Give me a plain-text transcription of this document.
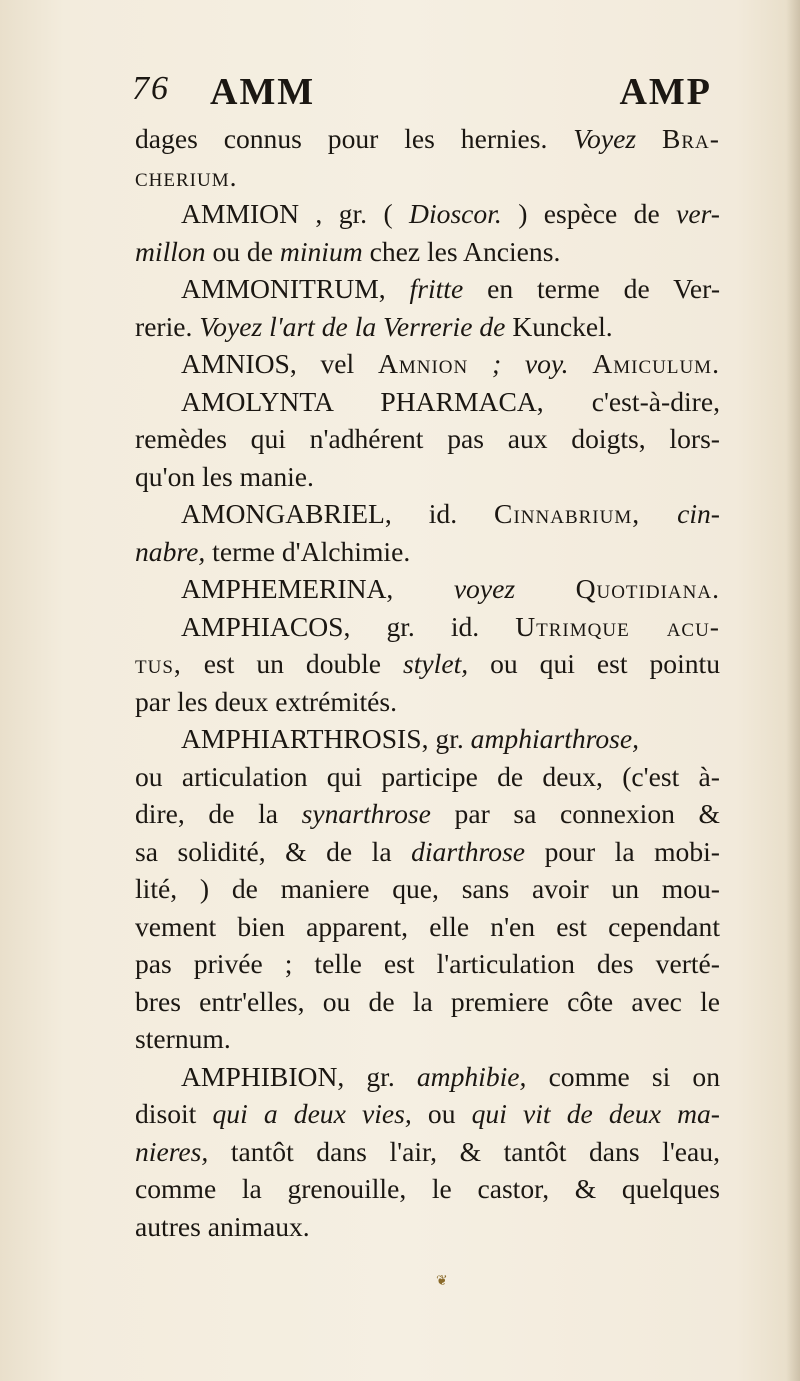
76 AMM	AMP
dages connus pour les hernies. Voyez Bra-
cherium.
AMMION , gr. ( Dioscor. ) espèce de ver-
millon ou de minium chez les Anciens.
AMMONITRUM, fritte en terme de Ver-
rerie. Voyez l'art de la Verrerie de Kunckel.
AMNIOS, vel Amnion ; voy. Amiculum.
AMOLYNTA PHARMACA, c'est-à-dire,
remèdes qui n'adhérent pas aux doigts, lors-
qu'on les manie.
AMONGABRIEL, id. Cinnabrium, cin-
nabre, terme d'Alchimie.
AMPHEMERINA, voyez Quotidiana.
AMPHIACOS, gr. id. Utrimque acu-
tus, est un double stylet, ou qui est pointu
par les deux extrémités.
AMPHIARTHROSIS, gr. amphiarthrose,
ou articulation qui participe de deux, (c'est à-
dire, de la synarthrose par sa connexion &
sa solidité, & de la diarthrose pour la mobi-
lité, ) de maniere que, sans avoir un mou-
vement bien apparent, elle n'en est cependant
pas privée ; telle est l'articulation des verté-
bres entr'elles, ou de la premiere côte avec le
sternum.
AMPHIBION, gr. amphibie, comme si on
disoit qui a deux vies, ou qui vit de deux ma-
nieres, tantôt dans l'air, & tantôt dans l'eau,
comme la grenouille, le castor, & quelques
autres animaux.
❦
